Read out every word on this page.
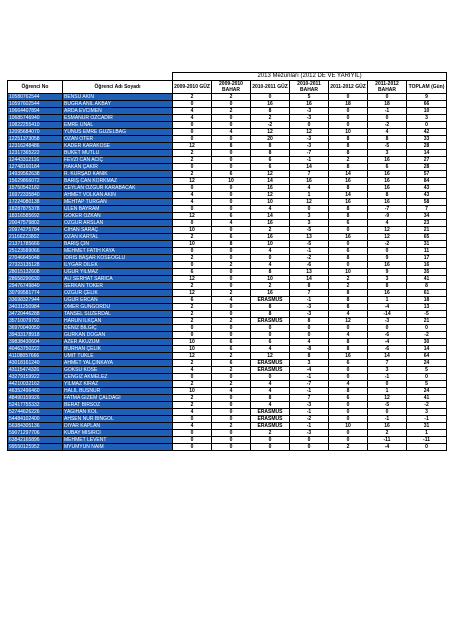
		2013 Mezunları (2012 DE VE YARIYIL)						
Öğrenci No	Öğrenci Adı Soyadı	2009-2010 GÜZ	2009-2010 BAHAR	2010-2011 GÜZ	2010-2011 BAHAR	2011-2012 GÜZ	2011-2012 BAHAR	TOPLAM (Gün)
10580762544	BENSU AKIN	2	2	0	5	0	0	9
10597602544	BUĞRA ANIL AKBAY	0	0	16	16	18	18	66
10664407894	ARDA EVCİMEN	4	2	8	-3	0	-1	10
10685746940	ESMANUR ÖZCÂDİR	4	0	2	-3	0	0	3
10822255410	EMRE ÜNAL	0	0	-2	0	0	-2	0
12095684070	YUNUS EMRE GÜZELBAĞ	0	4	12	12	10	4	42
12251373058	OZAN ÖTER	0	0	20	-3	8	8	33
12316248486	KADER KARAKÖSE	12	8	8	-3	8	-5	28
12317365222	BUKET MUTLU	2	0	8	-7	8	3	14
12443312116	FEVZİ CAN ACIÇ	2	0	6	-1	2	16	27
12748160184	HAKAN ÇAKIR	0	0	6	14	8	6	28
14939562638	R. KÜRŞAD KANIK	2	6	12	7	14	16	57
15629866072	BARIŞ CAN KORKMAZ	12	10	14	16	16	16	84
15750542182	CEYLAN ÖZGÜR KARABACAK	0	0	16	4	8	16	43
16972335840	AHMET VOLKAN AKIN	4	0	12	1	14	8	43
17224080138	MEHTAP TURGAN	4	0	10	12	16	16	58
18287875378	ÜLEN BAYRAM	0	0	4	0	8	-7	7
18316585692	GÖKER ÖZKAN	12	6	14	3	8	-9	34
20047579802	ÖZGÜR ARSLAN	0	4	16	3	6	4	23
20974275784	CİHAN SARAÇ	10	0	2	-5	0	12	21
21166223802	OZAN KARTAL	2	6	16	13	16	12	65
21371785666	BARIŞ ÇİN	10	8	10	-5	0	-2	31
25123589066	MEHMET FATİH KAYA	0	0	4	-1	6	0	11
27046645048	İDRİS BAŞAR KÖSEOĞLU	2	0	0	-2	8	9	17
27323135128	İLYGAR DİLEK	0	2	4	-6	0	16	16
28015132608	UĞUR YILMAZ	6	0	8	13	10	9	35
28658290630	ALİ SERHAT SARICA	12	0	10	14	2	3	41
29476749840	SERKAN TOKER	2	0	2	8	2	8	8
30799581774	ÖZGÜR ÇELİK	12	2	16	7	8	16	61
33698327944	UĞUR ERCAN	6	4	ERASMUS	-1	8	1	18
34031250984	ÖMER GÜNGÖRDÜ	2	0	8	-3	8	-4	13
34720446288	TANSEL SÜZERDAL	2	0	8	-3	4	-14	-5
35710079792	HARUN İLKÇAN	2	2	ERASMUS	8	12	-3	21
36970040050	DENİZ BİLGİÇ	0	0	0	0	0	0	0
39433178918	GÜRKAN DOĞAN	0	0	0	0	4	-6	-2
39838430604	AZER AKÜZÜM	10	6	6	4	8	-4	30
40463750222	BURHAN ÇELİK	10	6	4	-8	8	-6	14
41108057666	ÜMİT TÜKLE	12	2	12	8	16	14	64
43018161240	AHMET YALÇINKAYA	2	6	ERASMUS	3	6	7	24
43115474326	GÖKSU KÖSE	4	2	ERASMUS	-4	0	3	5
43279159922	CENGİZ AKMELEZ	0	0	0	-1	0	-1	0
44210032162	YILMAZ KIRAZ	2	2	4	-7	4	0	5
46352496460	HALİL BUSNUR	10	4	4	-1	8	1	24
48490159926	FATMA GİZEM ÇALDAĞI	2	0	8	7	6	12	41
52417755332	BERAT BİRSÖZ	2	0	4	-3	0	-5	-2
52744626226	YAĞIHAN KOL	4	0	ERASMUS	-1	0	0	3
54484102400	AHSEN NUR BİNGÖL	0	0	ERASMUS	-2	0	-1	-1
56384305136	DİYAR KAPLAN	4	2	ERASMUS	-1	10	16	31
59071297706	KÜBAY MİSIRCI	0	0	2	-3	0	2	1
63842165896	MEHMET LEVENT	0	0	0	0	0	-11	-11
99550125952	MYUMYUN NAIM	0	0	0	0	2	-4	0
